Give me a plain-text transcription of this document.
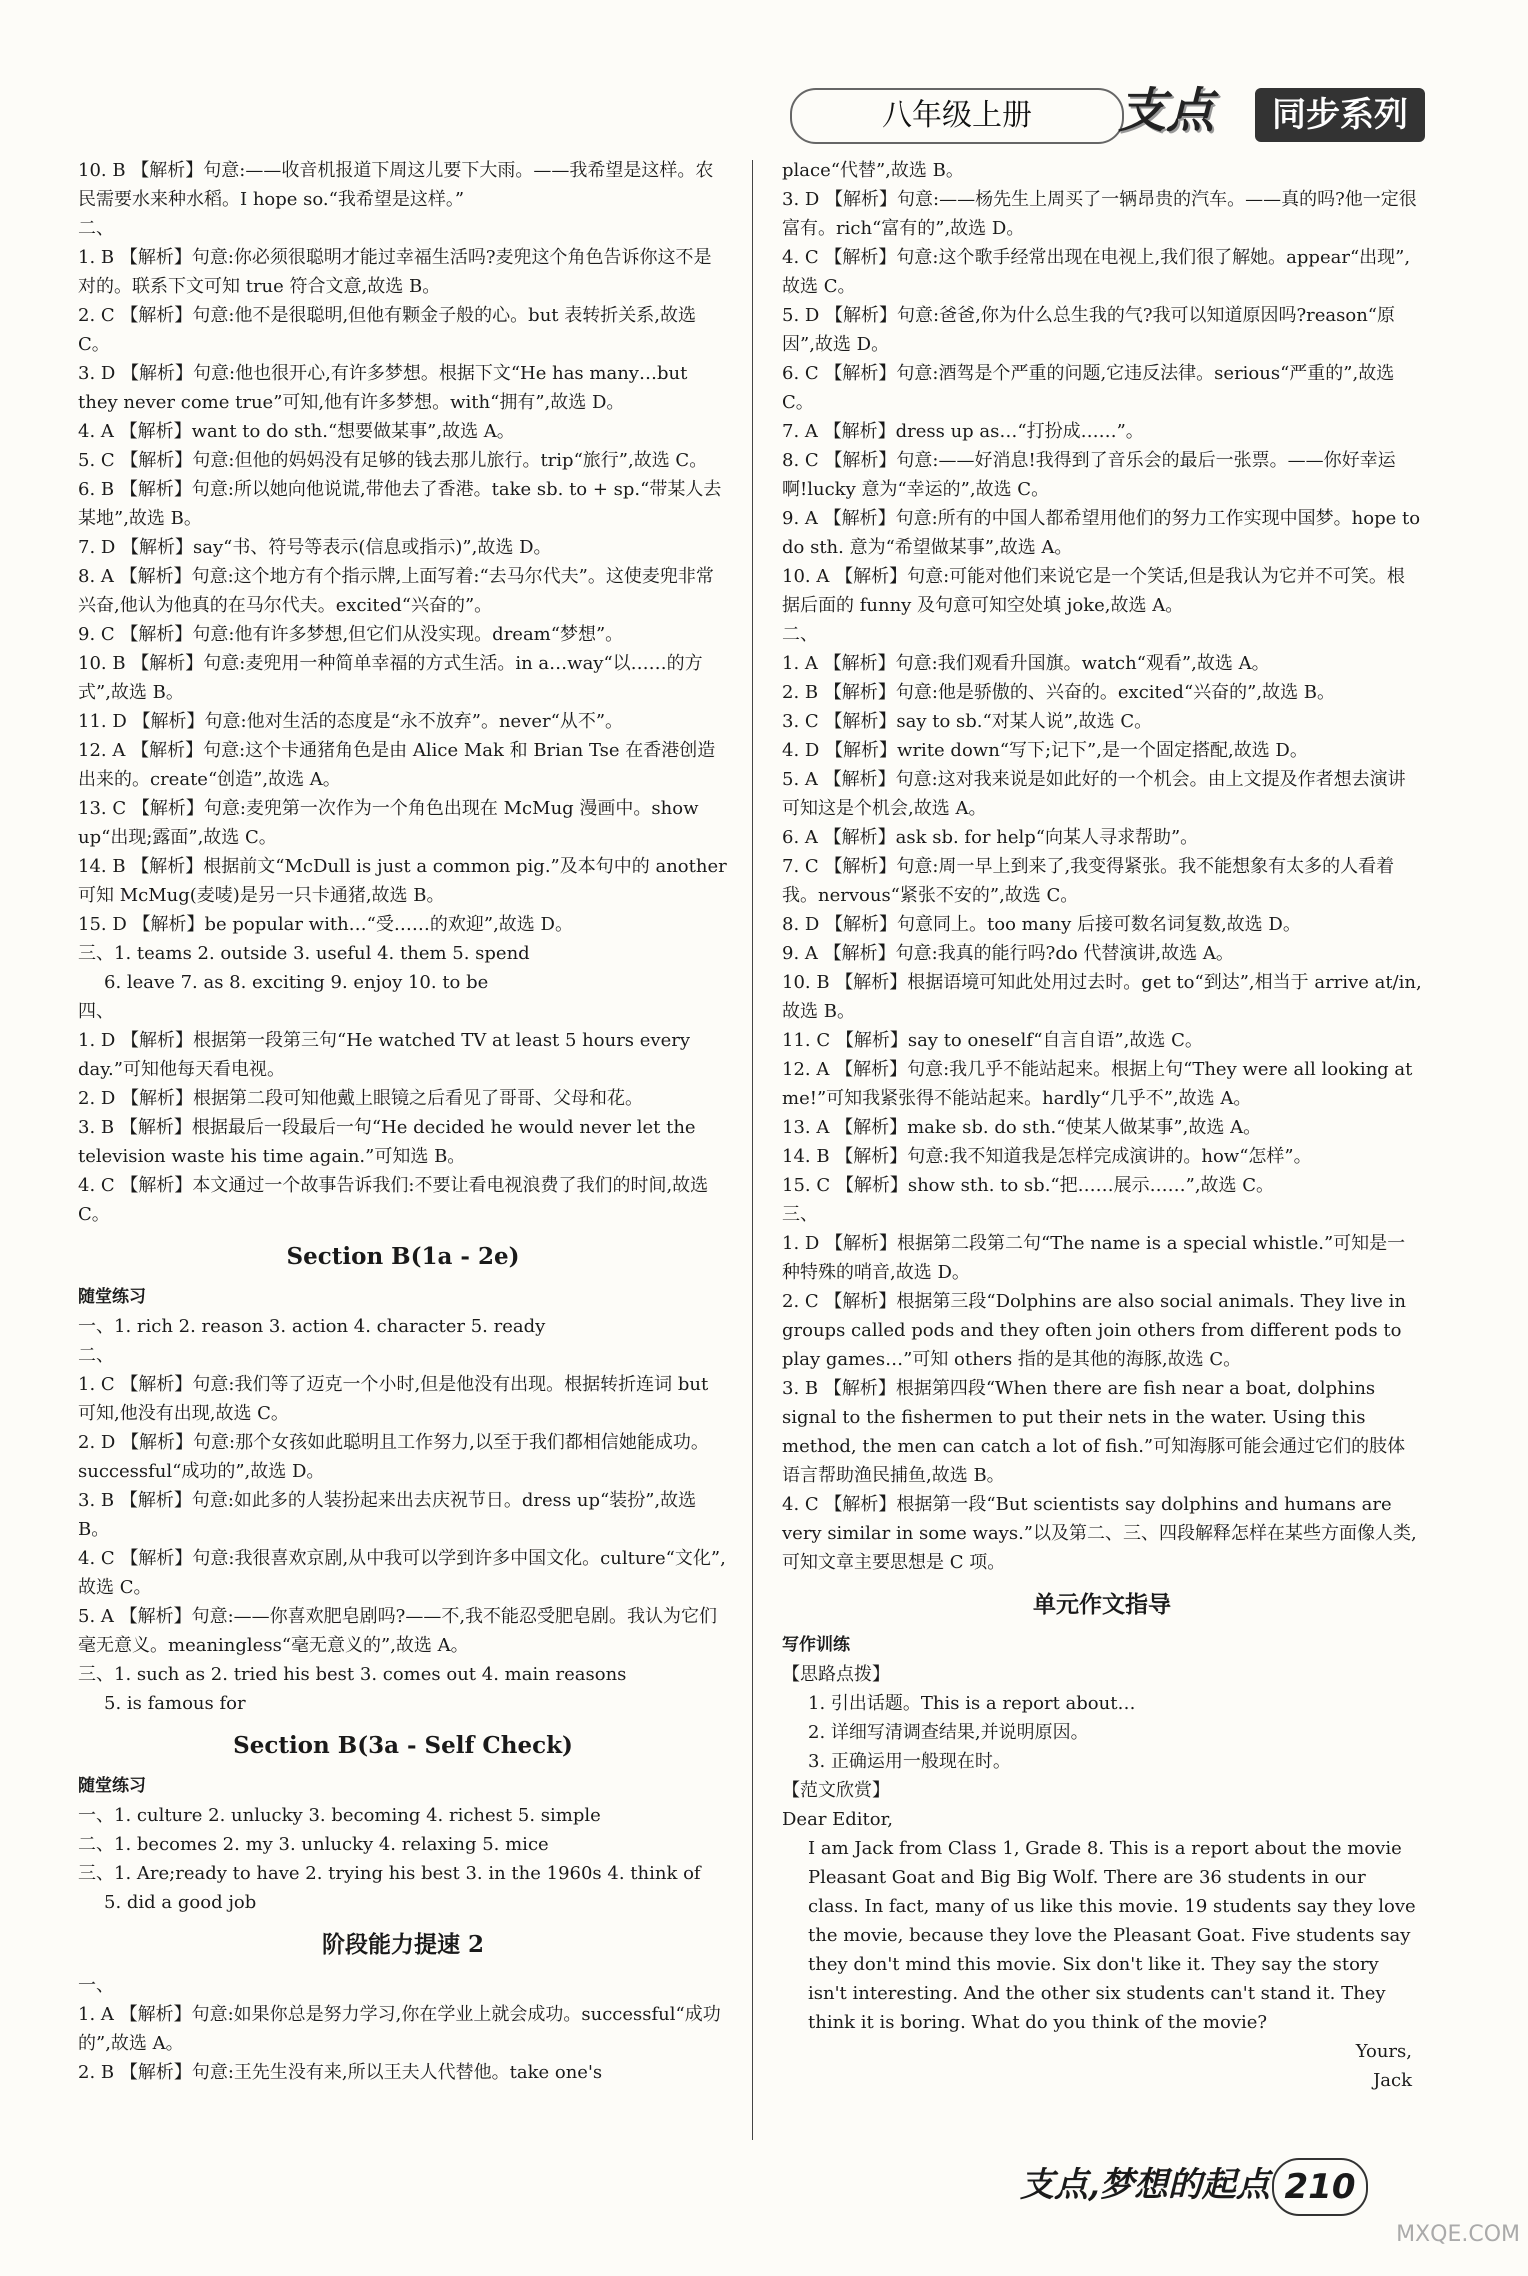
八年级上册	支点	同步系列
10. B 【解析】句意:——收音机报道下周这儿要下大雨。——我希望是这样。农民需要水来种水稻。I hope so.“我希望是这样。”
二、
1. B 【解析】句意:你必须很聪明才能过幸福生活吗?麦兜这个角色告诉你这不是对的。联系下文可知 true 符合文意,故选 B。
2. C 【解析】句意:他不是很聪明,但他有颗金子般的心。but 表转折关系,故选 C。
3. D 【解析】句意:他也很开心,有许多梦想。根据下文“He has many…but they never come true”可知,他有许多梦想。with“拥有”,故选 D。
4. A 【解析】want to do sth.“想要做某事”,故选 A。
5. C 【解析】句意:但他的妈妈没有足够的钱去那儿旅行。trip“旅行”,故选 C。
6. B 【解析】句意:所以她向他说谎,带他去了香港。take sb. to + sp.“带某人去某地”,故选 B。
7. D 【解析】say“书、符号等表示(信息或指示)”,故选 D。
8. A 【解析】句意:这个地方有个指示牌,上面写着:“去马尔代夫”。这使麦兜非常兴奋,他认为他真的在马尔代夫。excited“兴奋的”。
9. C 【解析】句意:他有许多梦想,但它们从没实现。dream“梦想”。
10. B 【解析】句意:麦兜用一种简单幸福的方式生活。in a…way“以……的方式”,故选 B。
11. D 【解析】句意:他对生活的态度是“永不放弃”。never“从不”。
12. A 【解析】句意:这个卡通猪角色是由 Alice Mak 和 Brian Tse 在香港创造出来的。create“创造”,故选 A。
13. C 【解析】句意:麦兜第一次作为一个角色出现在 McMug 漫画中。show up“出现;露面”,故选 C。
14. B 【解析】根据前文“McDull is just a common pig.”及本句中的 another 可知 McMug(麦唛)是另一只卡通猪,故选 B。
15. D 【解析】be popular with…“受……的欢迎”,故选 D。
三、1. teams 2. outside 3. useful 4. them 5. spend
6. leave 7. as 8. exciting 9. enjoy 10. to be
四、
1. D 【解析】根据第一段第三句“He watched TV at least 5 hours every day.”可知他每天看电视。
2. D 【解析】根据第二段可知他戴上眼镜之后看见了哥哥、父母和花。
3. B 【解析】根据最后一段最后一句“He decided he would never let the television waste his time again.”可知选 B。
4. C 【解析】本文通过一个故事告诉我们:不要让看电视浪费了我们的时间,故选 C。
Section B(1a - 2e)
随堂练习
一、1. rich 2. reason 3. action 4. character 5. ready
二、
1. C 【解析】句意:我们等了迈克一个小时,但是他没有出现。根据转折连词 but 可知,他没有出现,故选 C。
2. D 【解析】句意:那个女孩如此聪明且工作努力,以至于我们都相信她能成功。successful“成功的”,故选 D。
3. B 【解析】句意:如此多的人装扮起来出去庆祝节日。dress up“装扮”,故选 B。
4. C 【解析】句意:我很喜欢京剧,从中我可以学到许多中国文化。culture“文化”,故选 C。
5. A 【解析】句意:——你喜欢肥皂剧吗?——不,我不能忍受肥皂剧。我认为它们毫无意义。meaningless“毫无意义的”,故选 A。
三、1. such as 2. tried his best 3. comes out 4. main reasons
5. is famous for
Section B(3a - Self Check)
随堂练习
一、1. culture 2. unlucky 3. becoming 4. richest 5. simple
二、1. becomes 2. my 3. unlucky 4. relaxing 5. mice
三、1. Are;ready to have 2. trying his best 3. in the 1960s 4. think of
5. did a good job
阶段能力提速 2
一、
1. A 【解析】句意:如果你总是努力学习,你在学业上就会成功。successful“成功的”,故选 A。
2. B 【解析】句意:王先生没有来,所以王夫人代替他。take one's
place“代替”,故选 B。
3. D 【解析】句意:——杨先生上周买了一辆昂贵的汽车。——真的吗?他一定很富有。rich“富有的”,故选 D。
4. C 【解析】句意:这个歌手经常出现在电视上,我们很了解她。appear“出现”,故选 C。
5. D 【解析】句意:爸爸,你为什么总生我的气?我可以知道原因吗?reason“原因”,故选 D。
6. C 【解析】句意:酒驾是个严重的问题,它违反法律。serious“严重的”,故选 C。
7. A 【解析】dress up as…“打扮成……”。
8. C 【解析】句意:——好消息!我得到了音乐会的最后一张票。——你好幸运啊!lucky 意为“幸运的”,故选 C。
9. A 【解析】句意:所有的中国人都希望用他们的努力工作实现中国梦。hope to do sth. 意为“希望做某事”,故选 A。
10. A 【解析】句意:可能对他们来说它是一个笑话,但是我认为它并不可笑。根据后面的 funny 及句意可知空处填 joke,故选 A。
二、
1. A 【解析】句意:我们观看升国旗。watch“观看”,故选 A。
2. B 【解析】句意:他是骄傲的、兴奋的。excited“兴奋的”,故选 B。
3. C 【解析】say to sb.“对某人说”,故选 C。
4. D 【解析】write down“写下;记下”,是一个固定搭配,故选 D。
5. A 【解析】句意:这对我来说是如此好的一个机会。由上文提及作者想去演讲可知这是个机会,故选 A。
6. A 【解析】ask sb. for help“向某人寻求帮助”。
7. C 【解析】句意:周一早上到来了,我变得紧张。我不能想象有太多的人看着我。nervous“紧张不安的”,故选 C。
8. D 【解析】句意同上。too many 后接可数名词复数,故选 D。
9. A 【解析】句意:我真的能行吗?do 代替演讲,故选 A。
10. B 【解析】根据语境可知此处用过去时。get to“到达”,相当于 arrive at/in,故选 B。
11. C 【解析】say to oneself“自言自语”,故选 C。
12. A 【解析】句意:我几乎不能站起来。根据上句“They were all looking at me!”可知我紧张得不能站起来。hardly“几乎不”,故选 A。
13. A 【解析】make sb. do sth.“使某人做某事”,故选 A。
14. B 【解析】句意:我不知道我是怎样完成演讲的。how“怎样”。
15. C 【解析】show sth. to sb.“把……展示……”,故选 C。
三、
1. D 【解析】根据第二段第二句“The name is a special whistle.”可知是一种特殊的哨音,故选 D。
2. C 【解析】根据第三段“Dolphins are also social animals. They live in groups called pods and they often join others from different pods to play games…”可知 others 指的是其他的海豚,故选 C。
3. B 【解析】根据第四段“When there are fish near a boat, dolphins signal to the fishermen to put their nets in the water. Using this method, the men can catch a lot of fish.”可知海豚可能会通过它们的肢体语言帮助渔民捕鱼,故选 B。
4. C 【解析】根据第一段“But scientists say dolphins and humans are very similar in some ways.”以及第二、三、四段解释怎样在某些方面像人类,可知文章主要思想是 C 项。
单元作文指导
写作训练
【思路点拨】
1. 引出话题。This is a report about…
2. 详细写清调查结果,并说明原因。
3. 正确运用一般现在时。
【范文欣赏】
Dear Editor,
I am Jack from Class 1, Grade 8. This is a report about the movie Pleasant Goat and Big Big Wolf. There are 36 students in our class. In fact, many of us like this movie. 19 students say they love the movie, because they love the Pleasant Goat. Five students say they don't mind this movie. Six don't like it. They say the story isn't interesting. And the other six students can't stand it. They think it is boring. What do you think of the movie?
Yours,
Jack
支点,梦想的起点 210
MXQE.COM
